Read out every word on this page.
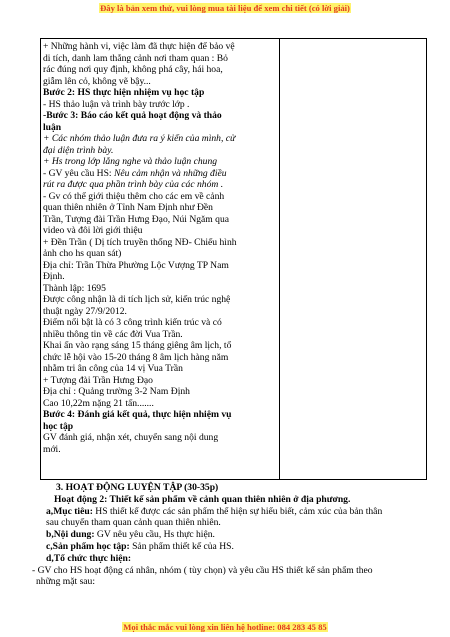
Đây là bản xem thử, vui lòng mua tài liệu để xem chi tiết (có lời giải)
+ Những hành vi, việc làm đã thực hiện để bảo vệ
di tích, danh lam thắng cảnh nơi tham quan : Bỏ
rác đúng nơi quy định, không phá cây, hái hoa,
giẫm lên cỏ, không vẽ bậy...
Bước 2: HS thực hiện nhiệm vụ học tập
- HS thảo luận và trình bày trước lớp .
-Bước 3: Báo cáo kết quả hoạt động và thảo
luận
+ Các nhóm thảo luận đưa ra ý kiến của mình, cử
đại diện trình bày.
+ Hs trong lớp lắng nghe và thảo luận chung
- GV yêu cầu HS: Nêu cảm nhận và những điều
rút ra được qua phần trình bày của các nhóm .
- Gv có thể giới thiệu thêm cho các em về cảnh
quan thiên nhiên ở Tỉnh Nam Định như Đền
Trần, Tượng đài Trần Hưng Đạo, Núi Ngăm qua
video và đôi lời giới thiệu
+ Đền Trần ( Dị tích truyền thống NĐ- Chiếu hình
ảnh cho hs quan sát)
Địa chỉ: Trần Thừa Phường Lộc Vượng TP Nam
Định.
Thành lập: 1695
Được công nhận là di tích lịch sử, kiến trúc nghệ
thuật ngày 27/9/2012.
Điểm nổi bật là có 3 công trình kiến trúc và có
nhiều thông tin về các đời Vua Trần.
Khai ấn vào rạng sáng 15 tháng giêng âm lịch, tổ
chức lễ hội vào 15-20 tháng 8 âm lịch hàng năm
nhằm tri ân công của 14 vị Vua Trần
+ Tượng đài Trần Hưng Đạo
Địa chỉ : Quảng trường 3-2 Nam Định
Cao 10,22m nặng 21 tấn.......
Bước 4: Đánh giá kết quả, thực hiện nhiệm vụ
học tập
GV đánh giá, nhận xét, chuyển sang nội dung
mới.
3. HOẠT ĐỘNG LUYỆN TẬP (30-35p)
Hoạt động 2: Thiết kế sản phẩm về cảnh quan thiên nhiên ở địa phương.
a,Mục tiêu: HS thiết kế được các sản phẩm thể hiện sự hiểu biết, cảm xúc của bản thân
sau chuyến tham quan cảnh quan thiên nhiên.
b,Nội dung: GV nêu yêu cầu, Hs thực hiện.
c,Sản phẩm học tập: Sản phẩm thiết kế của HS.
d,Tổ chức thực hiện:
- GV cho HS hoạt động cá nhân, nhóm ( tùy chọn) và yêu cầu HS thiết kế sản phẩm theo
những mặt sau:
Mọi thắc mắc vui lòng xin liên hệ hotline: 084 283 45 85
